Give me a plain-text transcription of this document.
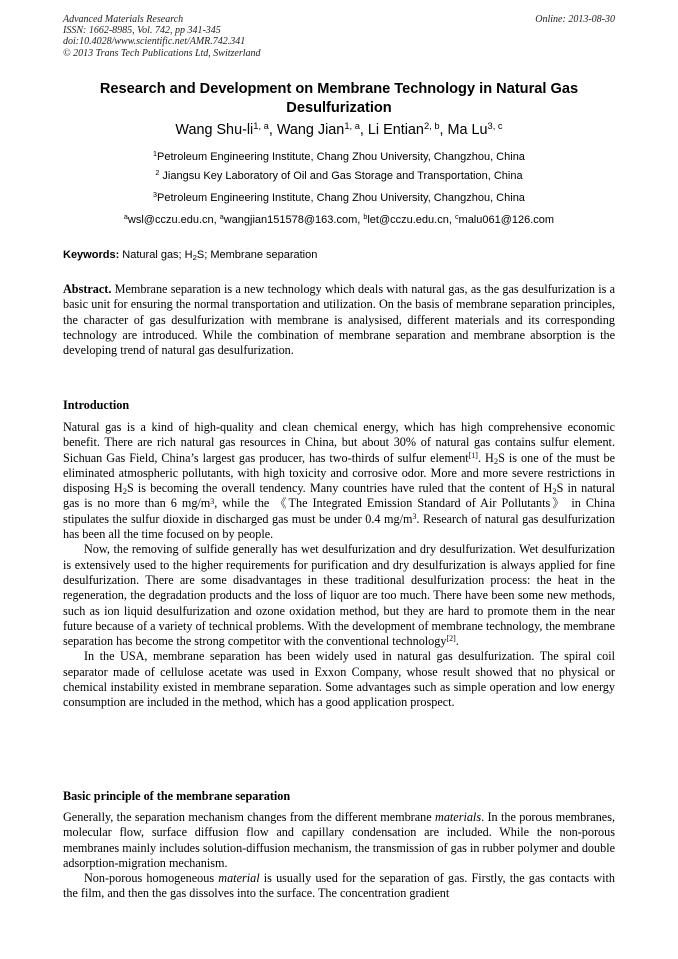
Advanced Materials Research
ISSN: 1662-8985, Vol. 742, pp 341-345
doi:10.4028/www.scientific.net/AMR.742.341
© 2013 Trans Tech Publications Ltd, Switzerland
Online: 2013-08-30
Research and Development on Membrane Technology in Natural Gas
Desulfurization
Wang Shu-li$^{1, a}$, Wang Jian$^{1, a}$, Li Entian$^{2, b}$, Ma Lu$^{3, c}$
$^1$Petroleum Engineering Institute, Chang Zhou University, Changzhou, China
$^2$ Jiangsu Key Laboratory of Oil and Gas Storage and Transportation, China
$^3$Petroleum Engineering Institute, Chang Zhou University, Changzhou, China
$^a$wsl@cczu.edu.cn, $^a$wangjian151578@163.com, $^b$let@cczu.edu.cn, $^c$malu061@126.com
Keywords: Natural gas; $H_2S$; Membrane separation

Abstract. Membrane separation is a new technology which deals with natural gas, as the gas desulfurization is a basic unit for ensuring the normal transportation and utilization. On the basis of membrane separation principles, the character of gas desulfurization with membrane is analysised, different materials and its corresponding technology are introduced. While the combination of membrane separation and membrane absorption is the developing trend of natural gas desulfurization.

Introduction

Natural gas is a kind of high-quality and clean chemical energy, which has high comprehensive economic benefit. There are rich natural gas resources in China, but about 30% of natural gas contains sulfur element. Sichuan Gas Field, China’s largest gas producer, has two-thirds of sulfur element[1]. $H_2S$ is one of the must be eliminated atmospheric pollutants, with high toxicity and corrosive odor. More and more severe restrictions in disposing $H_2S$ is becoming the overall tendency. Many countries have ruled that the content of $H_2S$ in natural gas is no more than 6 $mg/m^3$, while the 《The Integrated Emission Standard of Air Pollutants》 in China stipulates the sulfur dioxide in discharged gas must be under 0.4 $mg/m^3$. Research of natural gas desulfurization has been all the time focused on by people.

Now, the removing of sulfide generally has wet desulfurization and dry desulfurization. Wet desulfurization is extensively used to the higher requirements for purification and dry desulfurization is always applied for fine desulfurization. There are some disadvantages in these traditional desulfurization process: the heat in the regeneration, the degradation products and the loss of liquor are too much. There have been some new methods, such as ion liquid desulfurization and ozone oxidation method, but they are hard to promote them in the near future because of a variety of technical problems. With the development of membrane technology, the membrane separation has become the strong competitor with the conventional technology[2].

In the USA, membrane separation has been widely used in natural gas desulfurization. The spiral coil separator made of cellulose acetate was used in Exxon Company, whose result showed that no physical or chemical instability existed in membrane separation. Some advantages such as simple operation and low energy consumption are included in the method, which has a good application prospect.

Basic principle of the membrane separation

Generally, the separation mechanism changes from the different membrane materials. In the porous membranes, molecular flow, surface diffusion flow and capillary condensation are included. While the non-porous membranes mainly includes solution-diffusion mechanism, the transmission of gas in rubber polymer and double adsorption-migration mechanism.

Non-porous homogeneous material is usually used for the separation of gas. Firstly, the gas contacts with the film, and then the gas dissolves into the surface. The concentration gradient
